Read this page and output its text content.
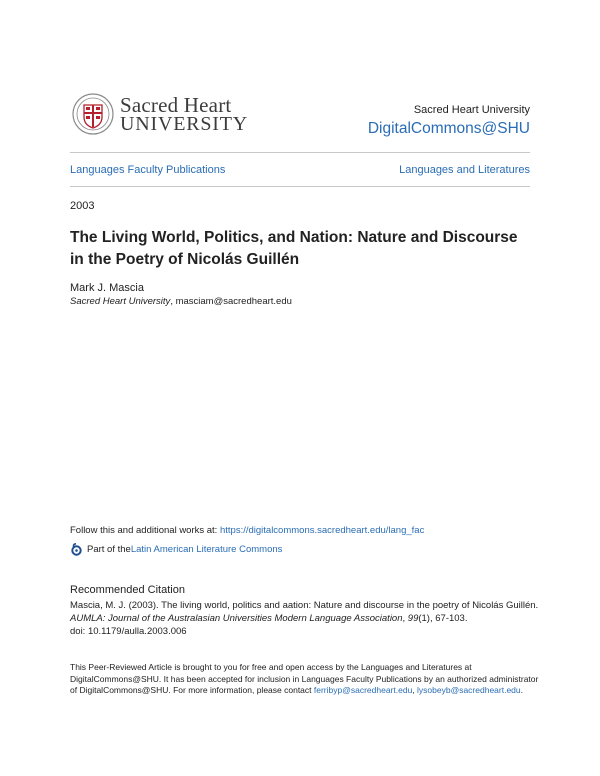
Sacred Heart
UNIVERSITY
Sacred Heart University
DigitalCommons@SHU
Languages Faculty Publications	Languages and Literatures
2003
The Living World, Politics, and Nation: Nature and Discourse in the Poetry of Nicolás Guillén
Mark J. Mascia
Sacred Heart University, masciam@sacredheart.edu
Follow this and additional works at: https://digitalcommons.sacredheart.edu/lang_fac
Part of the Latin American Literature Commons
Recommended Citation
Mascia, M. J. (2003). The living world, politics and aation: Nature and discourse in the poetry of Nicolás Guillén. AUMLA: Journal of the Australasian Universities Modern Language Association, 99(1), 67-103.
doi: 10.1179/aulla.2003.006
This Peer-Reviewed Article is brought to you for free and open access by the Languages and Literatures at DigitalCommons@SHU. It has been accepted for inclusion in Languages Faculty Publications by an authorized administrator of DigitalCommons@SHU. For more information, please contact ferribyp@sacredheart.edu, lysobeyb@sacredheart.edu.
